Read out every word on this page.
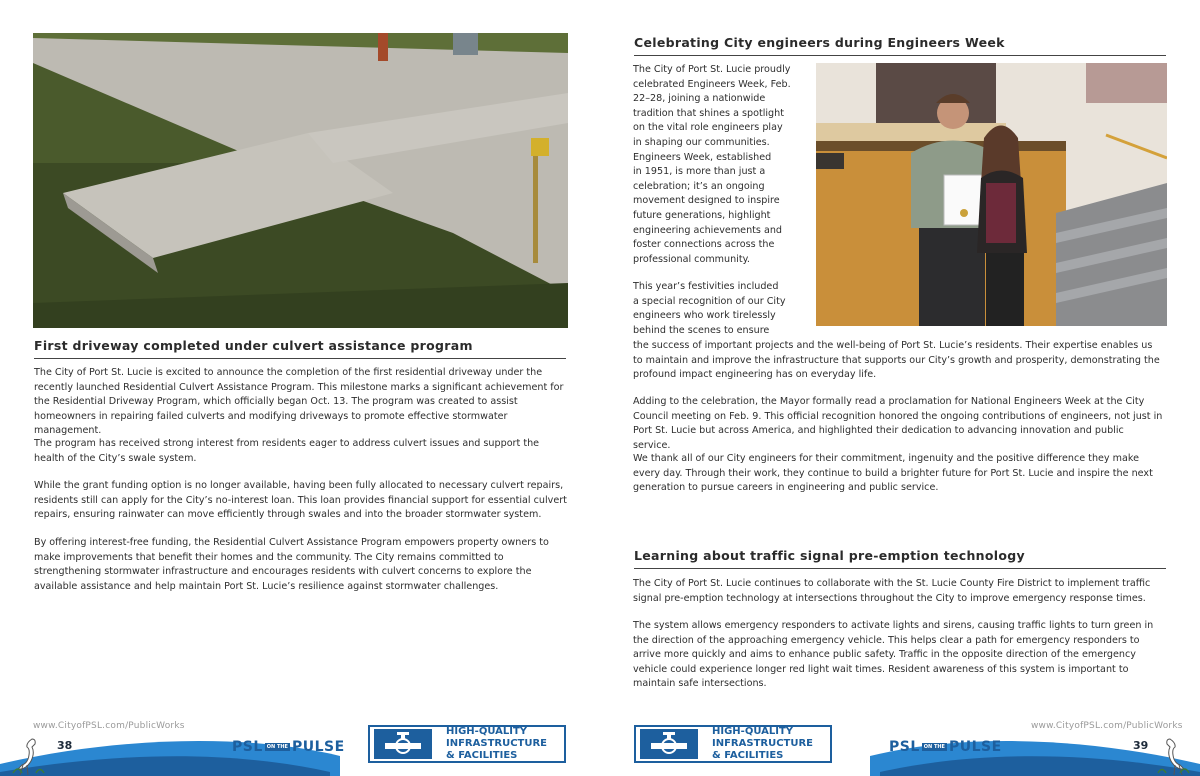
First driveway completed under culvert assistance program

The City of Port St. Lucie is excited to announce the completion of the first residential driveway under the recently launched Residential Culvert Assistance Program. This milestone marks a significant achievement for the Residential Driveway Program, which officially began Oct. 13. The program was created to assist homeowners in repairing failed culverts and modifying driveways to promote effective stormwater management.

The program has received strong interest from residents eager to address culvert issues and support the health of the City’s swale system.

While the grant funding option is no longer available, having been fully allocated to necessary culvert repairs, residents still can apply for the City’s no-interest loan. This loan provides financial support for essential culvert repairs, ensuring rainwater can move efficiently through swales and into the broader stormwater system.

By offering interest-free funding, the Residential Culvert Assistance Program empowers property owners to make improvements that benefit their homes and the community. The City remains committed to strengthening stormwater infrastructure and encourages residents with culvert concerns to explore the available assistance and help maintain Port St. Lucie’s resilience against stormwater challenges.

www.CityofPSL.com/PublicWorks
38	PSL ON THE PULSE
HIGH-QUALITY
INFRASTRUCTURE
& FACILITIES
Celebrating City engineers during Engineers Week
The City of Port St. Lucie proudly
celebrated Engineers Week, Feb.
22–28, joining a nationwide
tradition that shines a spotlight
on the vital role engineers play
in shaping our communities.
Engineers Week, established
in 1951, is more than just a
celebration; it’s an ongoing
movement designed to inspire
future generations, highlight
engineering achievements and
foster connections across the
professional community.
This year’s festivities included
a special recognition of our City
engineers who work tirelessly
behind the scenes to ensure

the success of important projects and the well-being of Port St. Lucie’s residents. Their expertise enables us to maintain and improve the infrastructure that supports our City’s growth and prosperity, demonstrating the profound impact engineering has on everyday life.

Adding to the celebration, the Mayor formally read a proclamation for National Engineers Week at the City Council meeting on Feb. 9. This official recognition honored the ongoing contributions of engineers, not just in Port St. Lucie but across America, and highlighted their dedication to advancing innovation and public service.

We thank all of our City engineers for their commitment, ingenuity and the positive difference they make every day. Through their work, they continue to build a brighter future for Port St. Lucie and inspire the next generation to pursue careers in engineering and public service.

Learning about traffic signal pre-emption technology

The City of Port St. Lucie continues to collaborate with the St. Lucie County Fire District to implement traffic signal pre-emption technology at intersections throughout the City to improve emergency response times.

The system allows emergency responders to activate lights and sirens, causing traffic lights to turn green in the direction of the approaching emergency vehicle. This helps clear a path for emergency responders to arrive more quickly and aims to enhance public safety. Traffic in the opposite direction of the emergency vehicle could experience longer red light wait times. Resident awareness of this system is important to maintain safe intersections.

www.CityofPSL.com/PublicWorks
HIGH-QUALITY
INFRASTRUCTURE
& FACILITIES
PSL ON THE PULSE	39
